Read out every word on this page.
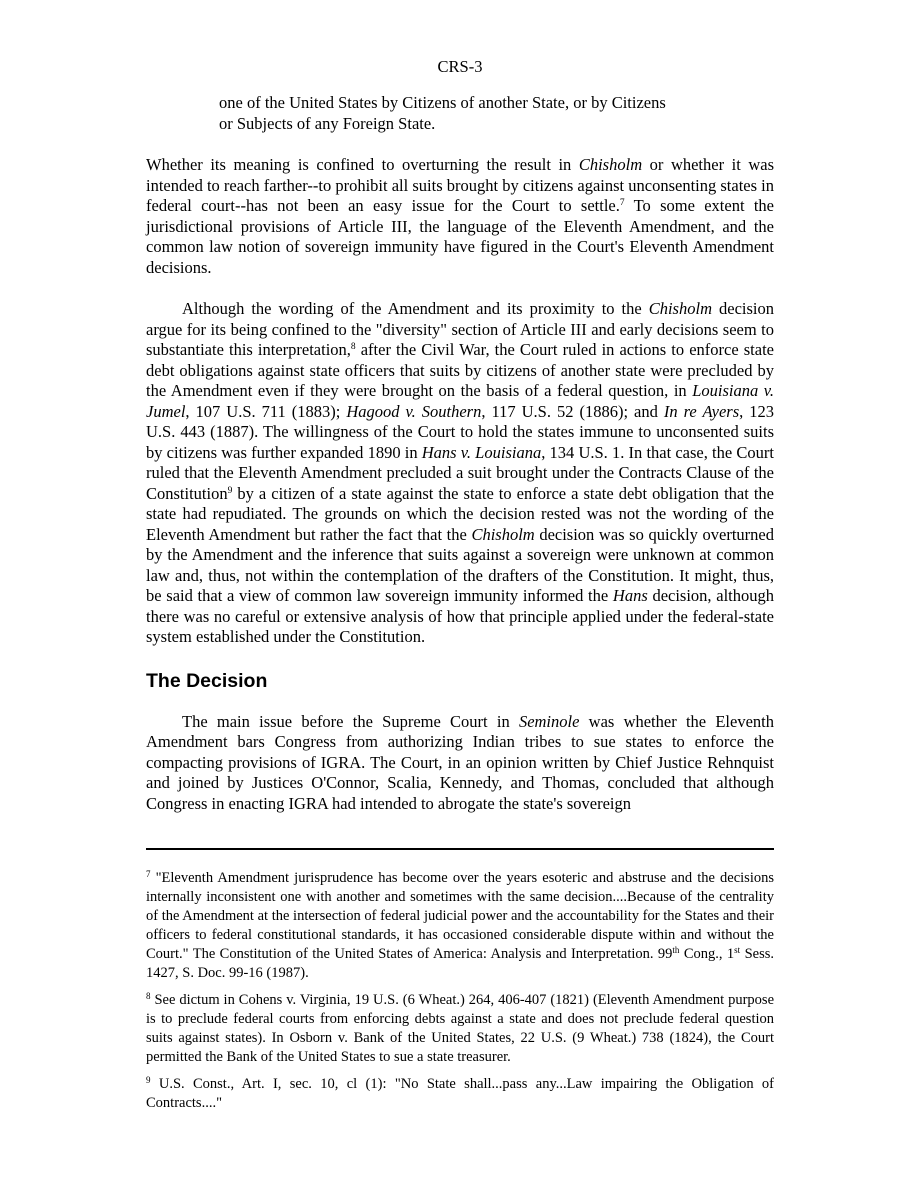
CRS-3
one of the United States by Citizens of another State, or by Citizens
or Subjects of any Foreign State.

Whether its meaning is confined to overturning the result in Chisholm or whether it was intended to reach farther--to prohibit all suits brought by citizens against unconsenting states in federal court--has not been an easy issue for the Court to settle.$^7$ To some extent the jurisdictional provisions of Article III, the language of the Eleventh Amendment, and the common law notion of sovereign immunity have figured in the Court's Eleventh Amendment decisions.

Although the wording of the Amendment and its proximity to the Chisholm decision argue for its being confined to the "diversity" section of Article III and early decisions seem to substantiate this interpretation,$^8$ after the Civil War, the Court ruled in actions to enforce state debt obligations against state officers that suits by citizens of another state were precluded by the Amendment even if they were brought on the basis of a federal question, in Louisiana v. Jumel, 107 U.S. 711 (1883); Hagood v. Southern, 117 U.S. 52 (1886); and In re Ayers, 123 U.S. 443 (1887). The willingness of the Court to hold the states immune to unconsented suits by citizens was further expanded 1890 in Hans v. Louisiana, 134 U.S. 1. In that case, the Court ruled that the Eleventh Amendment precluded a suit brought under the Contracts Clause of the Constitution$^9$ by a citizen of a state against the state to enforce a state debt obligation that the state had repudiated. The grounds on which the decision rested was not the wording of the Eleventh Amendment but rather the fact that the Chisholm decision was so quickly overturned by the Amendment and the inference that suits against a sovereign were unknown at common law and, thus, not within the contemplation of the drafters of the Constitution. It might, thus, be said that a view of common law sovereign immunity informed the Hans decision, although there was no careful or extensive analysis of how that principle applied under the federal-state system established under the Constitution.

The Decision

The main issue before the Supreme Court in Seminole was whether the Eleventh Amendment bars Congress from authorizing Indian tribes to sue states to enforce the compacting provisions of IGRA. The Court, in an opinion written by Chief Justice Rehnquist and joined by Justices O'Connor, Scalia, Kennedy, and Thomas, concluded that although Congress in enacting IGRA had intended to abrogate the state's sovereign

$^7$ "Eleventh Amendment jurisprudence has become over the years esoteric and abstruse and the decisions internally inconsistent one with another and sometimes with the same decision....Because of the centrality of the Amendment at the intersection of federal judicial power and the accountability for the States and their officers to federal constitutional standards, it has occasioned considerable dispute within and without the Court." The Constitution of the United States of America: Analysis and Interpretation. 99th Cong., 1st Sess. 1427, S. Doc. 99-16 (1987).

$^8$ See dictum in Cohens v. Virginia, 19 U.S. (6 Wheat.) 264, 406-407 (1821) (Eleventh Amendment purpose is to preclude federal courts from enforcing debts against a state and does not preclude federal question suits against states). In Osborn v. Bank of the United States, 22 U.S. (9 Wheat.) 738 (1824), the Court permitted the Bank of the United States to sue a state treasurer.

$^9$ U.S. Const., Art. I, sec. 10, cl (1): "No State shall...pass any...Law impairing the Obligation of Contracts...."
